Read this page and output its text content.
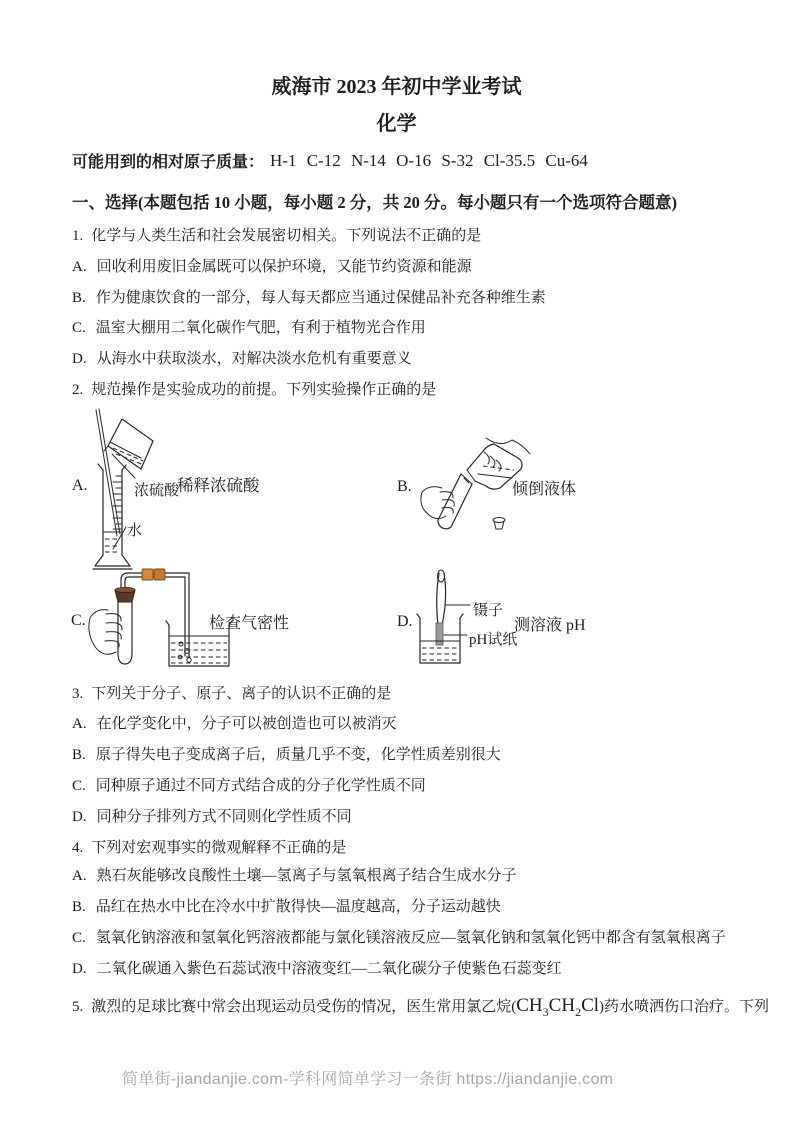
威海市 2023 年初中学业考试
化学
可能用到的相对原子质量： H-1 C-12 N-14 O-16 S-32 Cl-35.5 Cu-64
一、选择(本题包括 10 小题，每小题 2 分，共 20 分。每小题只有一个选项符合题意)
1. 化学与人类生活和社会发展密切相关。下列说法不正确的是
A. 回收利用废旧金属既可以保护环境，又能节约资源和能源
B. 作为健康饮食的一部分，每人每天都应当通过保健品补充各种维生素
C. 温室大棚用二氧化碳作气肥，有利于植物光合作用
D. 从海水中获取淡水，对解决淡水危机有重要意义
2. 规范操作是实验成功的前提。下列实验操作正确的是
A.	浓硫酸
稀释浓硫酸
水
B.	倾倒液体
C.	检查气密性	D.
镊子
pH试纸
测溶液 pH
3. 下列关于分子、原子、离子的认识不正确的是
A. 在化学变化中，分子可以被创造也可以被消灭
B. 原子得失电子变成离子后，质量几乎不变，化学性质差别很大
C. 同种原子通过不同方式结合成的分子化学性质不同
D. 同种分子排列方式不同则化学性质不同
4. 下列对宏观事实的微观解释不正确的是
A. 熟石灰能够改良酸性土壤—氢离子与氢氧根离子结合生成水分子
B. 品红在热水中比在冷水中扩散得快—温度越高，分子运动越快
C. 氢氧化钠溶液和氢氧化钙溶液都能与氯化镁溶液反应—氢氧化钠和氢氧化钙中都含有氢氧根离子
D. 二氧化碳通入紫色石蕊试液中溶液变红—二氧化碳分子使紫色石蕊变红
5. 激烈的足球比赛中常会出现运动员受伤的情况，医生常用氯乙烷$(CH_3CH_2Cl)$药水喷洒伤口治疗。下列
简单街-jiandanjie.com-学科网简单学习一条街 https://jiandanjie.com
